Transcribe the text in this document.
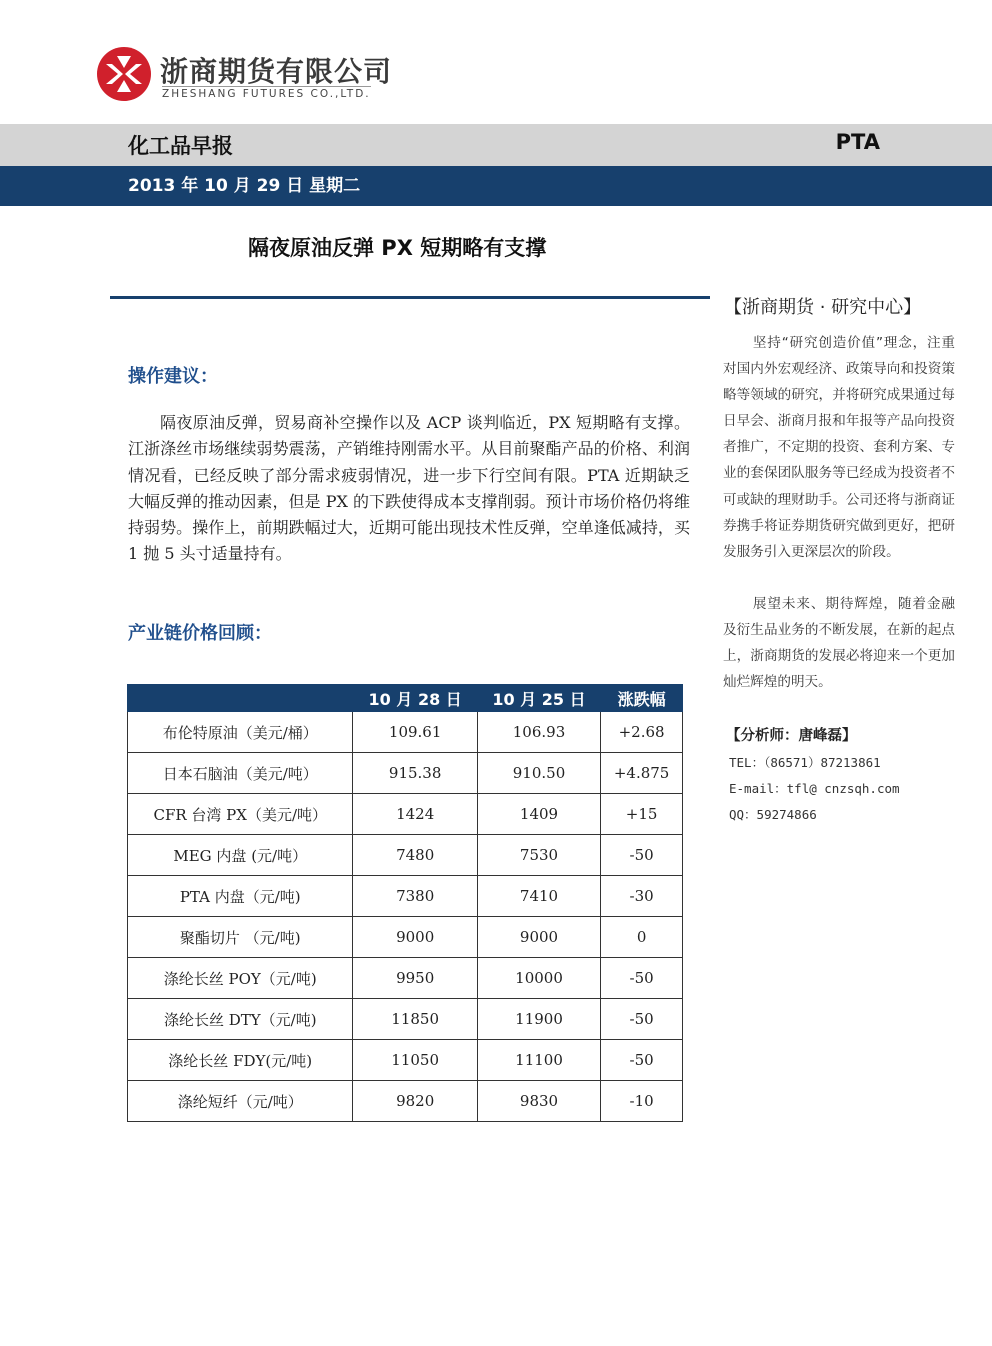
浙商期货有限公司
ZHESHANG FUTURES CO.,LTD.
化工品早报	PTA
2013 年 10 月 29 日 星期二
隔夜原油反弹 PX 短期略有支撑
操作建议：
隔夜原油反弹，贸易商补空操作以及 ACP 谈判临近，PX 短期略有支撑。江浙涤丝市场继续弱势震荡，产销维持刚需水平。从目前聚酯产品的价格、利润情况看，已经反映了部分需求疲弱情况，进一步下行空间有限。PTA 近期缺乏大幅反弹的推动因素，但是 PX 的下跌使得成本支撑削弱。预计市场价格仍将维持弱势。操作上，前期跌幅过大，近期可能出现技术性反弹，空单逢低减持，买 1 抛 5 头寸适量持有。
产业链价格回顾：
	10 月 28 日	10 月 25 日	涨跌幅
布伦特原油（美元/桶）	109.61	106.93	+2.68
日本石脑油（美元/吨）	915.38	910.50	+4.875
CFR 台湾 PX（美元/吨）	1424	1409	+15
MEG 内盘 (元/吨）	7480	7530	-50
PTA 内盘（元/吨)	7380	7410	-30
聚酯切片 （元/吨)	9000	9000	0
涤纶长丝 POY（元/吨)	9950	10000	-50
涤纶长丝 DTY（元/吨)	11850	11900	-50
涤纶长丝 FDY(元/吨)	11050	11100	-50
涤纶短纤（元/吨）	9820	9830	-10
【浙商期货 · 研究中心】
坚持“研究创造价值”理念，注重对国内外宏观经济、政策导向和投资策略等领域的研究，并将研究成果通过每日早会、浙商月报和年报等产品向投资者推广，不定期的投资、套利方案、专业的套保团队服务等已经成为投资者不可或缺的理财助手。公司还将与浙商证券携手将证券期货研究做到更好，把研发服务引入更深层次的阶段。
展望未来、期待辉煌，随着金融及衍生品业务的不断发展，在新的起点上，浙商期货的发展必将迎来一个更加灿烂辉煌的明天。
【分析师：唐峰磊】
TEL：（86571）87213861
E-mail：tfl@ cnzsqh.com
QQ：59274866
